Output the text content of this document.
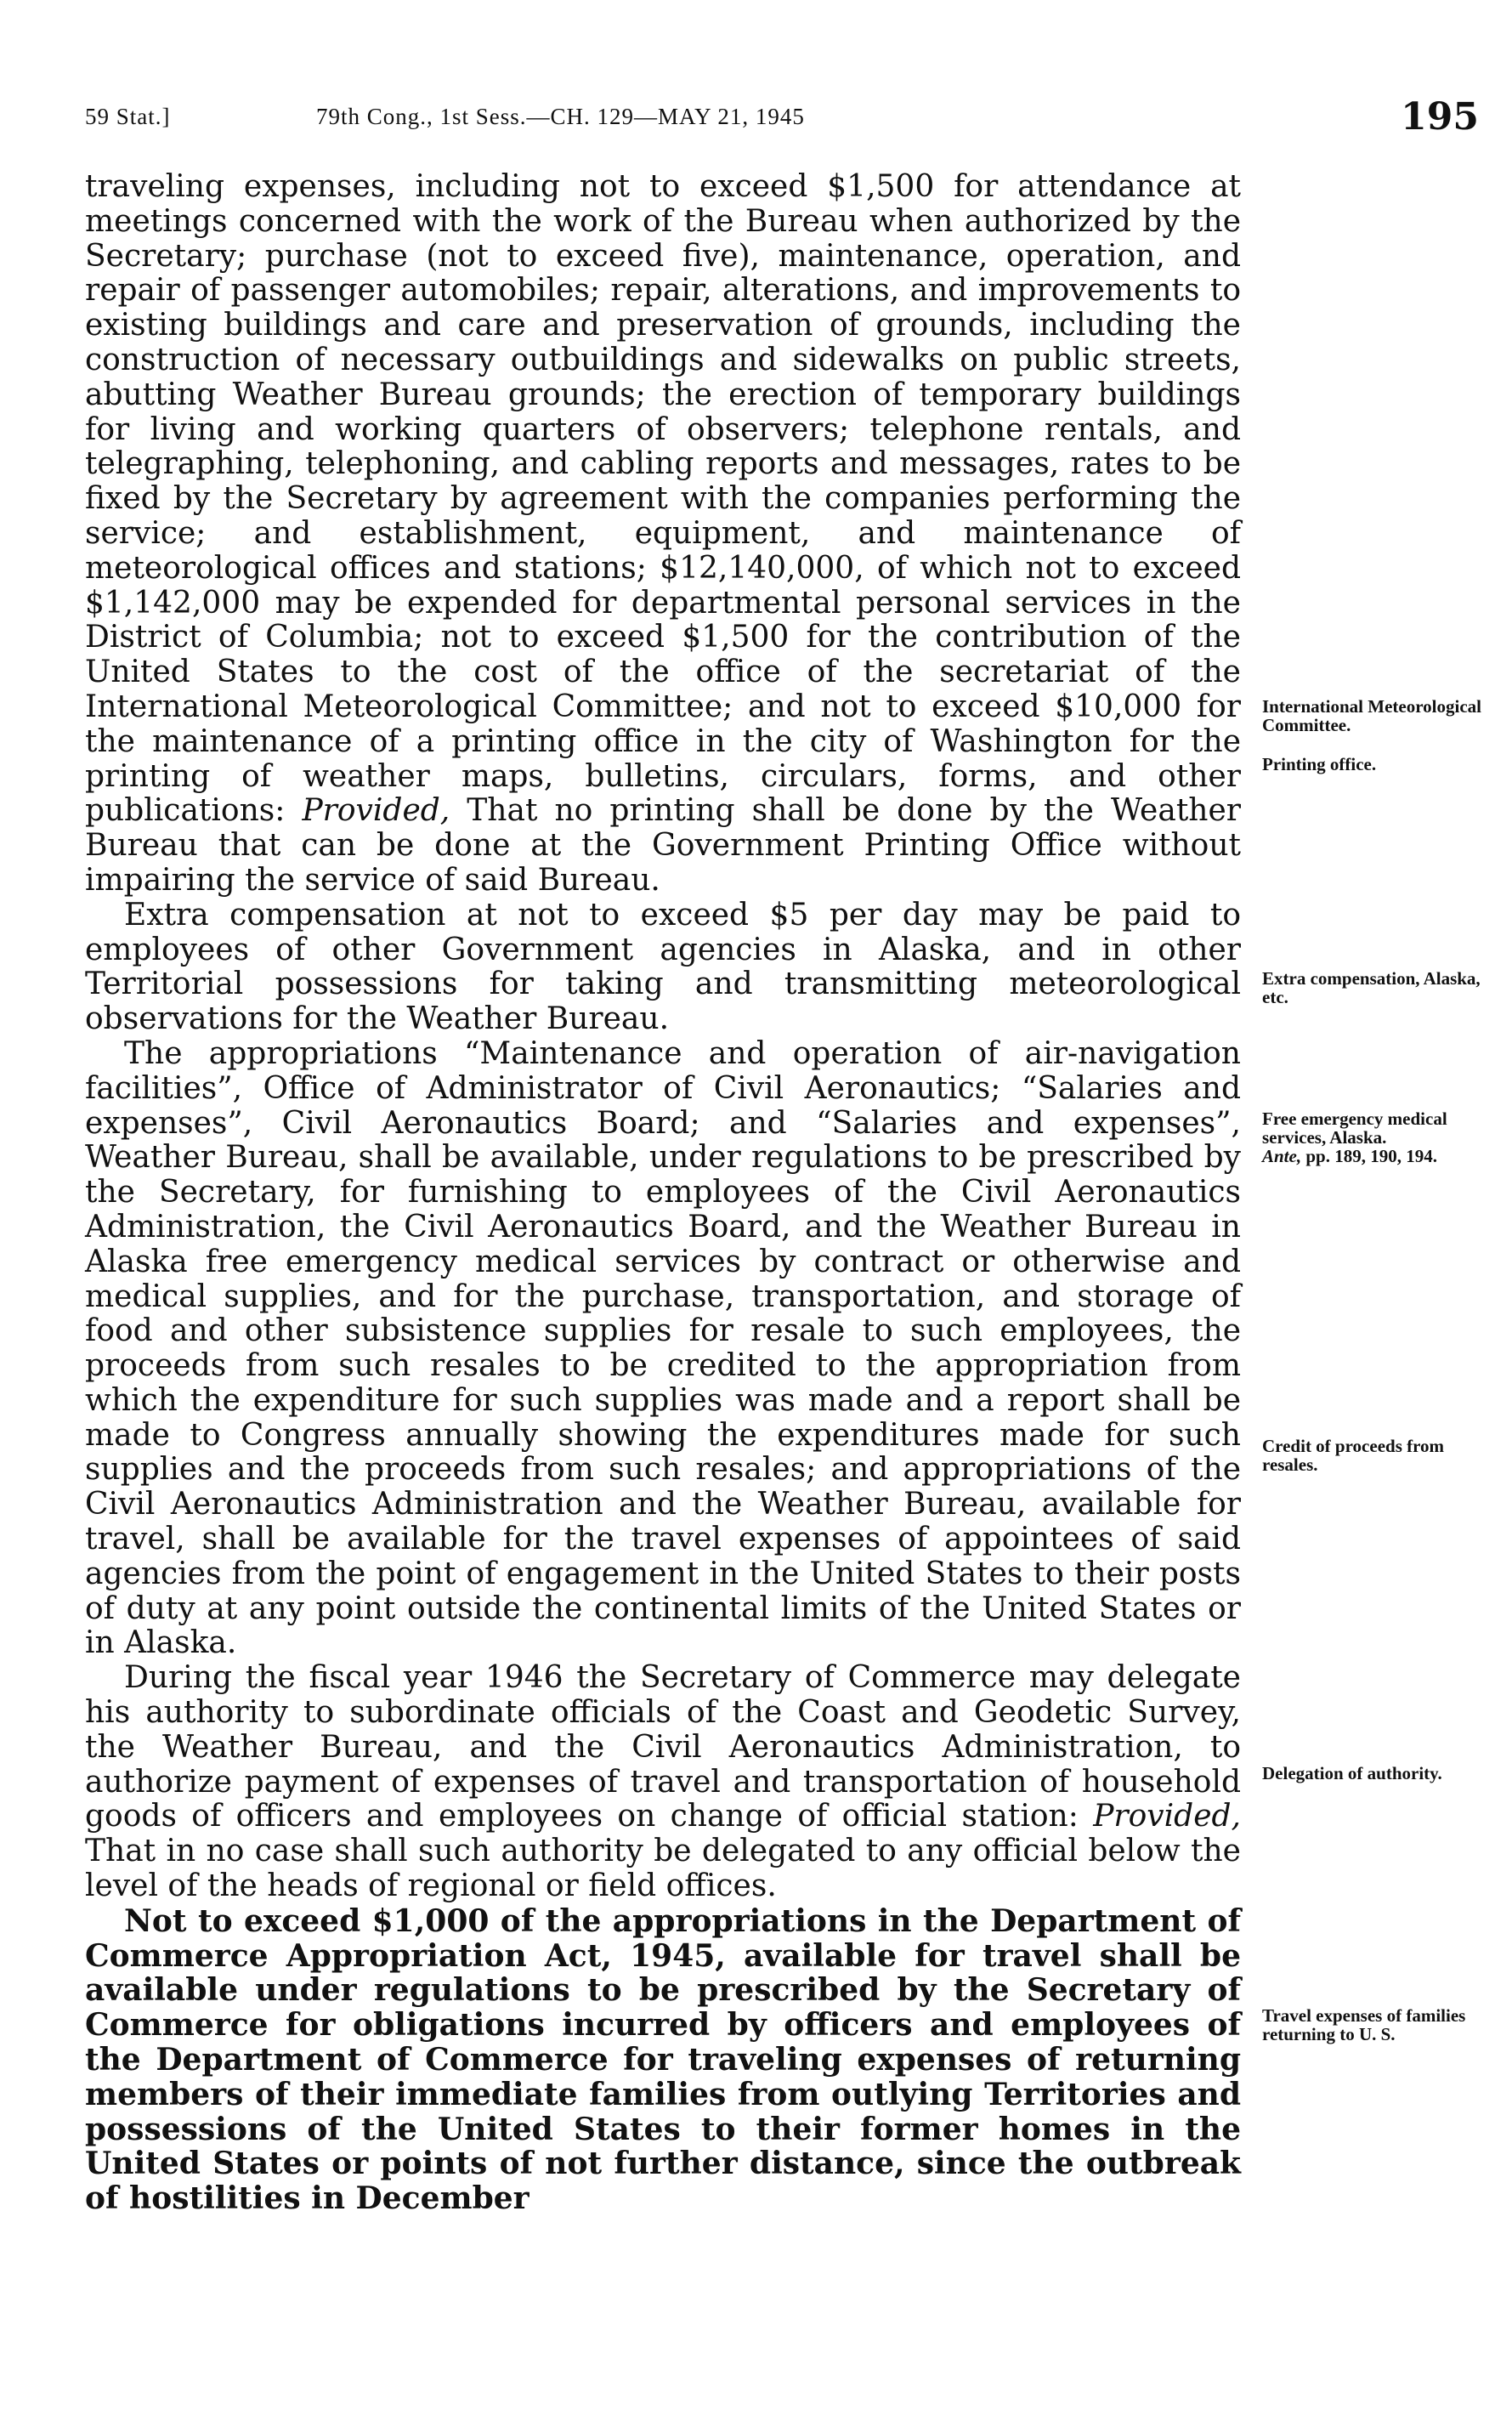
59 Stat.]	79th Cong., 1st Sess.—CH. 129—MAY 21, 1945	195

traveling expenses, including not to exceed $1,500 for attendance at meetings concerned with the work of the Bureau when authorized by the Secretary; purchase (not to exceed five), maintenance, operation, and repair of passenger automobiles; repair, alterations, and improvements to existing buildings and care and preservation of grounds, including the construction of necessary outbuildings and sidewalks on public streets, abutting Weather Bureau grounds; the erection of temporary buildings for living and working quarters of observers; telephone rentals, and telegraphing, telephoning, and cabling reports and messages, rates to be fixed by the Secretary by agreement with the companies performing the service; and establishment, equipment, and maintenance of meteorological offices and stations; $12,140,000, of which not to exceed $1,142,000 may be expended for departmental personal services in the District of Columbia; not to exceed $1,500 for the contribution of the United States to the cost of the office of the secretariat of the International Meteorological Committee; and not to exceed $10,000 for the maintenance of a printing office in the city of Washington for the printing of weather maps, bulletins, circulars, forms, and other publications: Provided, That no printing shall be done by the Weather Bureau that can be done at the Government Printing Office without impairing the service of said Bureau.

Extra compensation at not to exceed $5 per day may be paid to employees of other Government agencies in Alaska, and in other Territorial possessions for taking and transmitting meteorological observations for the Weather Bureau.

The appropriations “Maintenance and operation of air-navigation facilities”, Office of Administrator of Civil Aeronautics; “Salaries and expenses”, Civil Aeronautics Board; and “Salaries and expenses”, Weather Bureau, shall be available, under regulations to be prescribed by the Secretary, for furnishing to employees of the Civil Aeronautics Administration, the Civil Aeronautics Board, and the Weather Bureau in Alaska free emergency medical services by contract or otherwise and medical supplies, and for the purchase, transportation, and storage of food and other subsistence supplies for resale to such employees, the proceeds from such resales to be credited to the appropriation from which the expenditure for such supplies was made and a report shall be made to Congress annually showing the expenditures made for such supplies and the proceeds from such resales; and appropriations of the Civil Aeronautics Administration and the Weather Bureau, available for travel, shall be available for the travel expenses of appointees of said agencies from the point of engagement in the United States to their posts of duty at any point outside the continental limits of the United States or in Alaska.

During the fiscal year 1946 the Secretary of Commerce may delegate his authority to subordinate officials of the Coast and Geodetic Survey, the Weather Bureau, and the Civil Aeronautics Administration, to authorize payment of expenses of travel and transportation of household goods of officers and employees on change of official station: Provided, That in no case shall such authority be delegated to any official below the level of the heads of regional or field offices.

Not to exceed $1,000 of the appropriations in the Department of Commerce Appropriation Act, 1945, available for travel shall be available under regulations to be prescribed by the Secretary of Commerce for obligations incurred by officers and employees of the Department of Commerce for traveling expenses of returning members of their immediate families from outlying Territories and possessions of the United States to their former homes in the United States or points of not further distance, since the outbreak of hostilities in December

International Meteorological Committee.
Printing office.
Extra compensation, Alaska, etc.
Free emergency medical services, Alaska.
Ante, pp. 189, 190, 194.
Credit of proceeds from resales.
Delegation of authority.
Travel expenses of families returning to U. S.
